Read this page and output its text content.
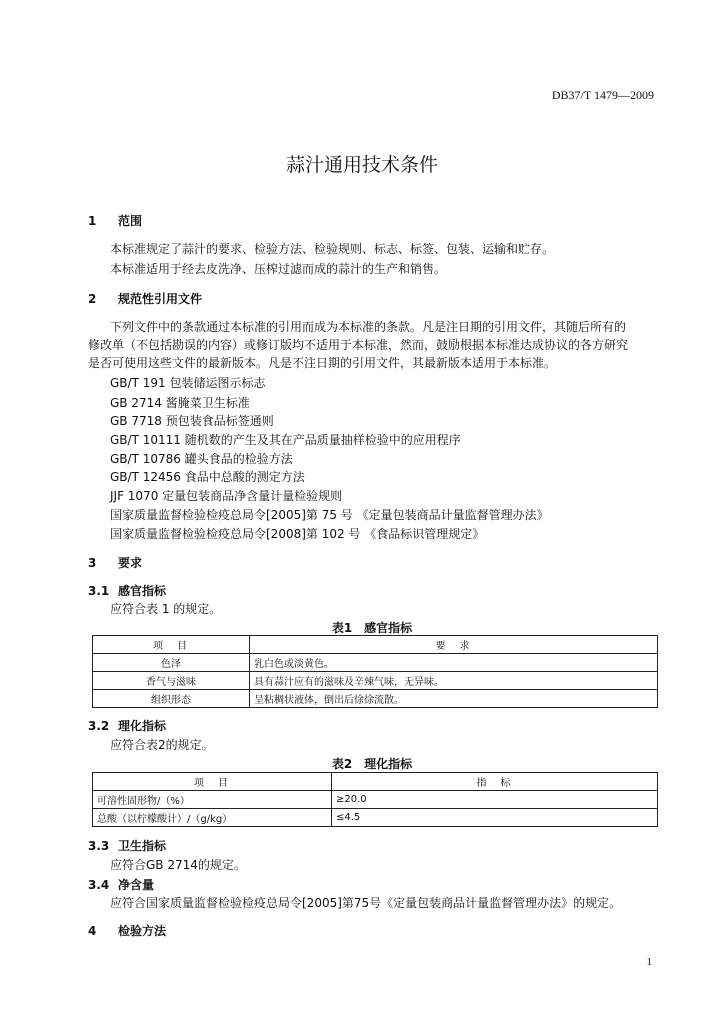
DB37/T 1479—2009
蒜汁通用技术条件
1 范围
本标准规定了蒜汁的要求、检验方法、检验规则、标志、标签、包装、运输和贮存。
本标准适用于经去皮洗净、压榨过滤而成的蒜汁的生产和销售。
2 规范性引用文件
下列文件中的条款通过本标准的引用而成为本标准的条款。凡是注日期的引用文件，其随后所有的
修改单（不包括勘误的内容）或修订版均不适用于本标准，然而，鼓励根据本标准达成协议的各方研究
是否可使用这些文件的最新版本。凡是不注日期的引用文件，其最新版本适用于本标准。
GB/T 191 包装储运图示标志
GB 2714 酱腌菜卫生标准
GB 7718 预包装食品标签通则
GB/T 10111 随机数的产生及其在产品质量抽样检验中的应用程序
GB/T 10786 罐头食品的检验方法
GB/T 12456 食品中总酸的测定方法
JJF 1070 定量包装商品净含量计量检验规则
国家质量监督检验检疫总局令[2005]第 75 号 《定量包装商品计量监督管理办法》
国家质量监督检验检疫总局令[2008]第 102 号 《食品标识管理规定》
3 要求
3.1 感官指标
应符合表 1 的规定。
表1　感官指标
项　目	要　求
色泽	乳白色或淡黄色。
香气与滋味	具有蒜汁应有的滋味及辛辣气味，无异味。
组织形态	呈粘稠状液体，倒出后徐徐流散。
3.2 理化指标
应符合表2的规定。
表2　理化指标
项　目	指　标
可溶性固形物/（%）	≥20.0
总酸（以柠檬酸计）/（g/kg）	≤4.5
3.3 卫生指标
应符合GB 2714的规定。
3.4 净含量
应符合国家质量监督检验检疫总局令[2005]第75号《定量包装商品计量监督管理办法》的规定。
4 检验方法
1
